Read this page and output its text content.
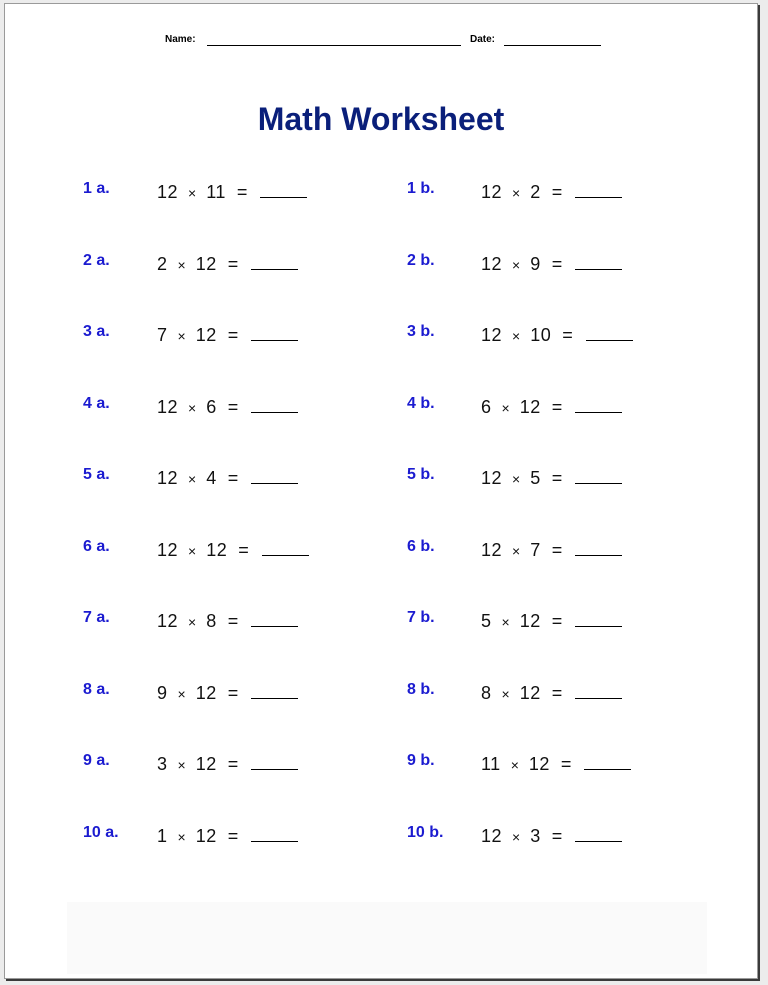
Name:	Date:
Math Worksheet
1 a.	12 × 11 =
2 a.	2 × 12 =
3 a.	7 × 12 =
4 a.	12 × 6 =
5 a.	12 × 4 =
6 a.	12 × 12 =
7 a.	12 × 8 =
8 a.	9 × 12 =
9 a.	3 × 12 =
10 a. 1 × 12 =
1 b.	12 × 2 =
2 b.	12 × 9 =
3 b.	12 × 10 =
4 b.	6 × 12 =
5 b.	12 × 5 =
6 b.	12 × 7 =
7 b.	5 × 12 =
8 b.	8 × 12 =
9 b.	11 × 12 =
10 b. 12 × 3 =
